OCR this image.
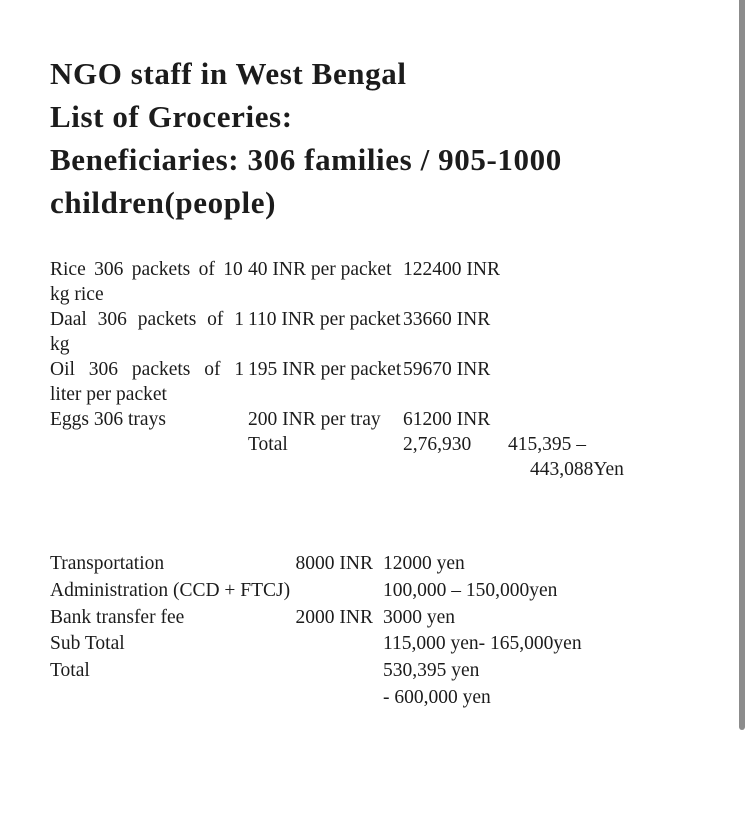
NGO staff in West Bengal
List of Groceries:
Beneficiaries: 306 families / 905-1000
children(people)
Rice 306 packets of 10
kg rice
40 INR per packet 122400 INR
Daal 306 packets of 1
kg
110 INR per packet 33660 INR
Oil 306 packets of 1
liter per packet
195 INR per packet 59670 INR
Eggs 306 trays	200 INR per tray	61200 INR
Total	2,76,930	415,395 –
443,088Yen
Transportation	8000 INR 12000 yen
Administration (CCD + FTCJ)	100,000 – 150,000yen
Bank transfer fee	2000 INR 3000 yen
Sub Total	115,000 yen- 165,000yen
Total	530,395 yen
- 600,000 yen
